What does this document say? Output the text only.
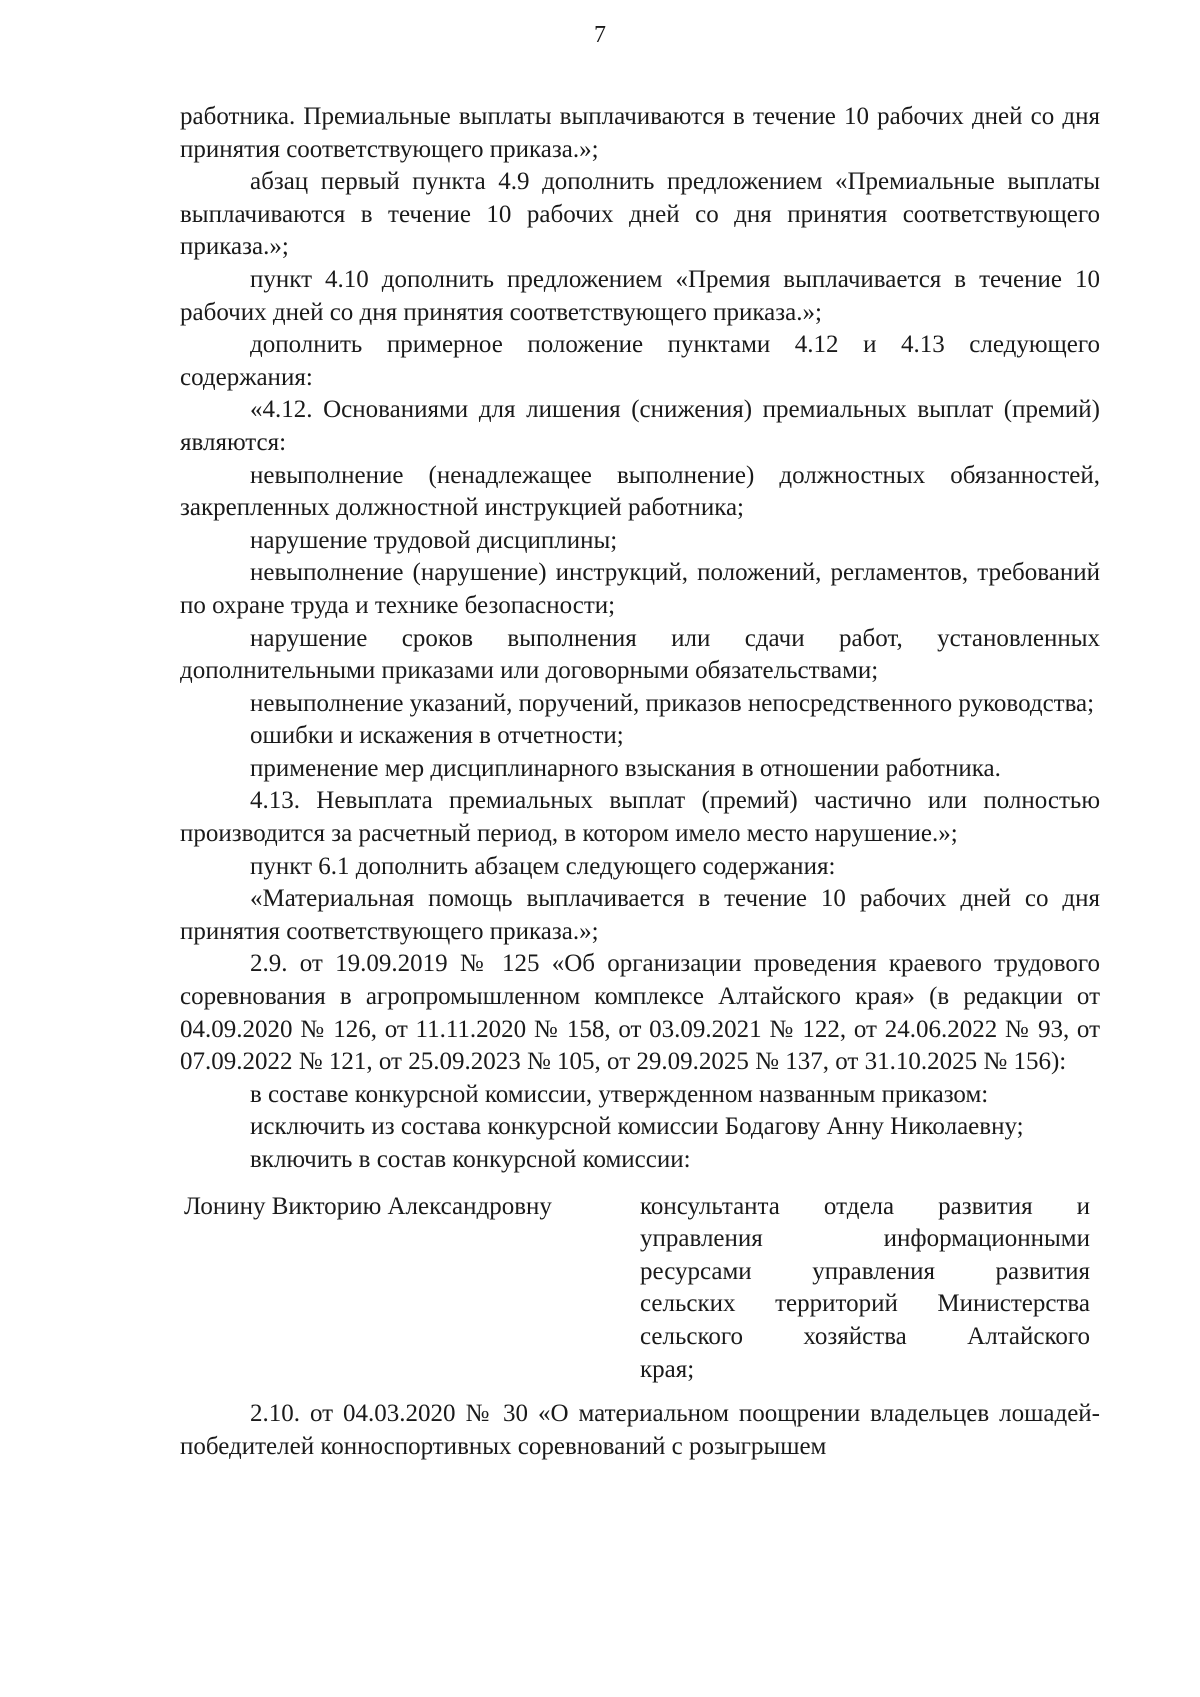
7

работника. Премиальные выплаты выплачиваются в течение 10 рабочих дней со дня принятия соответствующего приказа.»;

абзац первый пункта 4.9 дополнить предложением «Премиальные выплаты выплачиваются в течение 10 рабочих дней со дня принятия соответствующего приказа.»;

пункт 4.10 дополнить предложением «Премия выплачивается в течение 10 рабочих дней со дня принятия соответствующего приказа.»;

дополнить примерное положение пунктами 4.12 и 4.13 следующего содержания:

«4.12. Основаниями для лишения (снижения) премиальных выплат (премий) являются:

невыполнение (ненадлежащее выполнение) должностных обязанностей, закрепленных должностной инструкцией работника;

нарушение трудовой дисциплины;

невыполнение (нарушение) инструкций, положений, регламентов, требований по охране труда и технике безопасности;

нарушение сроков выполнения или сдачи работ, установленных дополнительными приказами или договорными обязательствами;

невыполнение указаний, поручений, приказов непосредственного руководства;

ошибки и искажения в отчетности;

применение мер дисциплинарного взыскания в отношении работника.

4.13. Невыплата премиальных выплат (премий) частично или полностью производится за расчетный период, в котором имело место нарушение.»;

пункт 6.1 дополнить абзацем следующего содержания:

«Материальная помощь выплачивается в течение 10 рабочих дней со дня принятия соответствующего приказа.»;

2.9. от 19.09.2019 № 125 «Об организации проведения краевого трудового соревнования в агропромышленном комплексе Алтайского края» (в редакции от 04.09.2020 № 126, от 11.11.2020 № 158, от 03.09.2021 № 122, от 24.06.2022 № 93, от 07.09.2022 № 121, от 25.09.2023 № 105, от 29.09.2025 № 137, от 31.10.2025 № 156):

в составе конкурсной комиссии, утвержденном названным приказом:

исключить из состава конкурсной комиссии Бодагову Анну Николаевну;

включить в состав конкурсной комиссии:

Лонину Викторию Александровну	консультанта отдела развития и
управления информационными
ресурсами управления развития
сельских территорий Министерства
сельского хозяйства Алтайского
края;

2.10. от 04.03.2020 № 30 «О материальном поощрении владельцев лошадей-победителей конноспортивных соревнований с розыгрышем
